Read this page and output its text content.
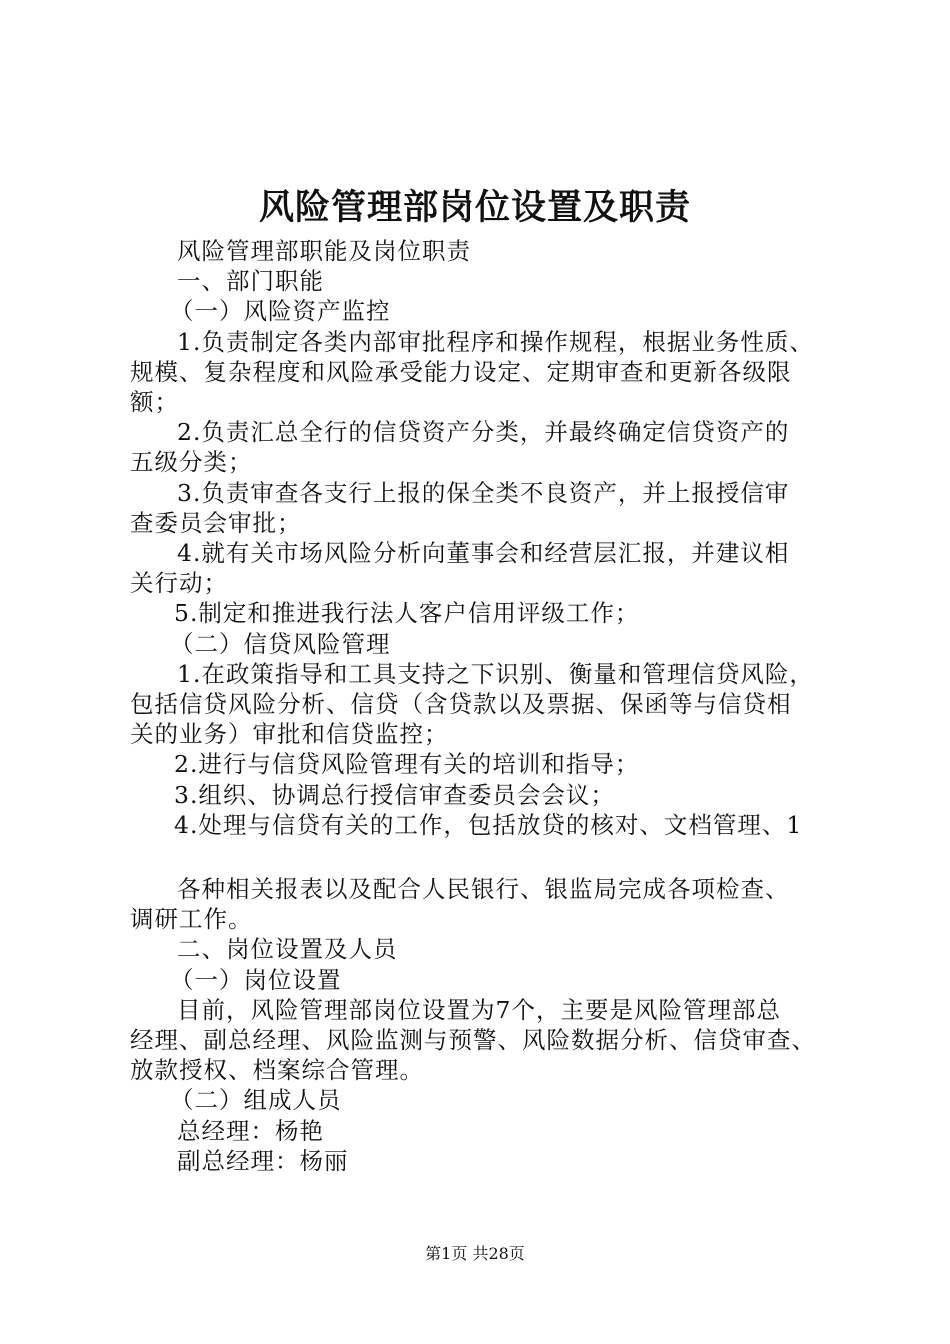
风险管理部岗位设置及职责

风险管理部职能及岗位职责

一、部门职能

（一）风险资产监控

1.负责制定各类内部审批程序和操作规程，根据业务性质、

规模、复杂程度和风险承受能力设定、定期审查和更新各级限

额；

2.负责汇总全行的信贷资产分类，并最终确定信贷资产的

五级分类；

3.负责审查各支行上报的保全类不良资产，并上报授信审

查委员会审批；

4.就有关市场风险分析向董事会和经营层汇报，并建议相

关行动；

5.制定和推进我行法人客户信用评级工作；

（二）信贷风险管理

1.在政策指导和工具支持之下识别、衡量和管理信贷风险，

包括信贷风险分析、信贷（含贷款以及票据、保函等与信贷相

关的业务）审批和信贷监控；

2.进行与信贷风险管理有关的培训和指导；

3.组织、协调总行授信审查委员会会议；

4.处理与信贷有关的工作，包括放贷的核对、文档管理、1

各种相关报表以及配合人民银行、银监局完成各项检查、

调研工作。

二、岗位设置及人员

（一）岗位设置

目前，风险管理部岗位设置为7个，主要是风险管理部总

经理、副总经理、风险监测与预警、风险数据分析、信贷审查、

放款授权、档案综合管理。

（二）组成人员

总经理：杨艳

副总经理：杨丽

第1页 共28页
